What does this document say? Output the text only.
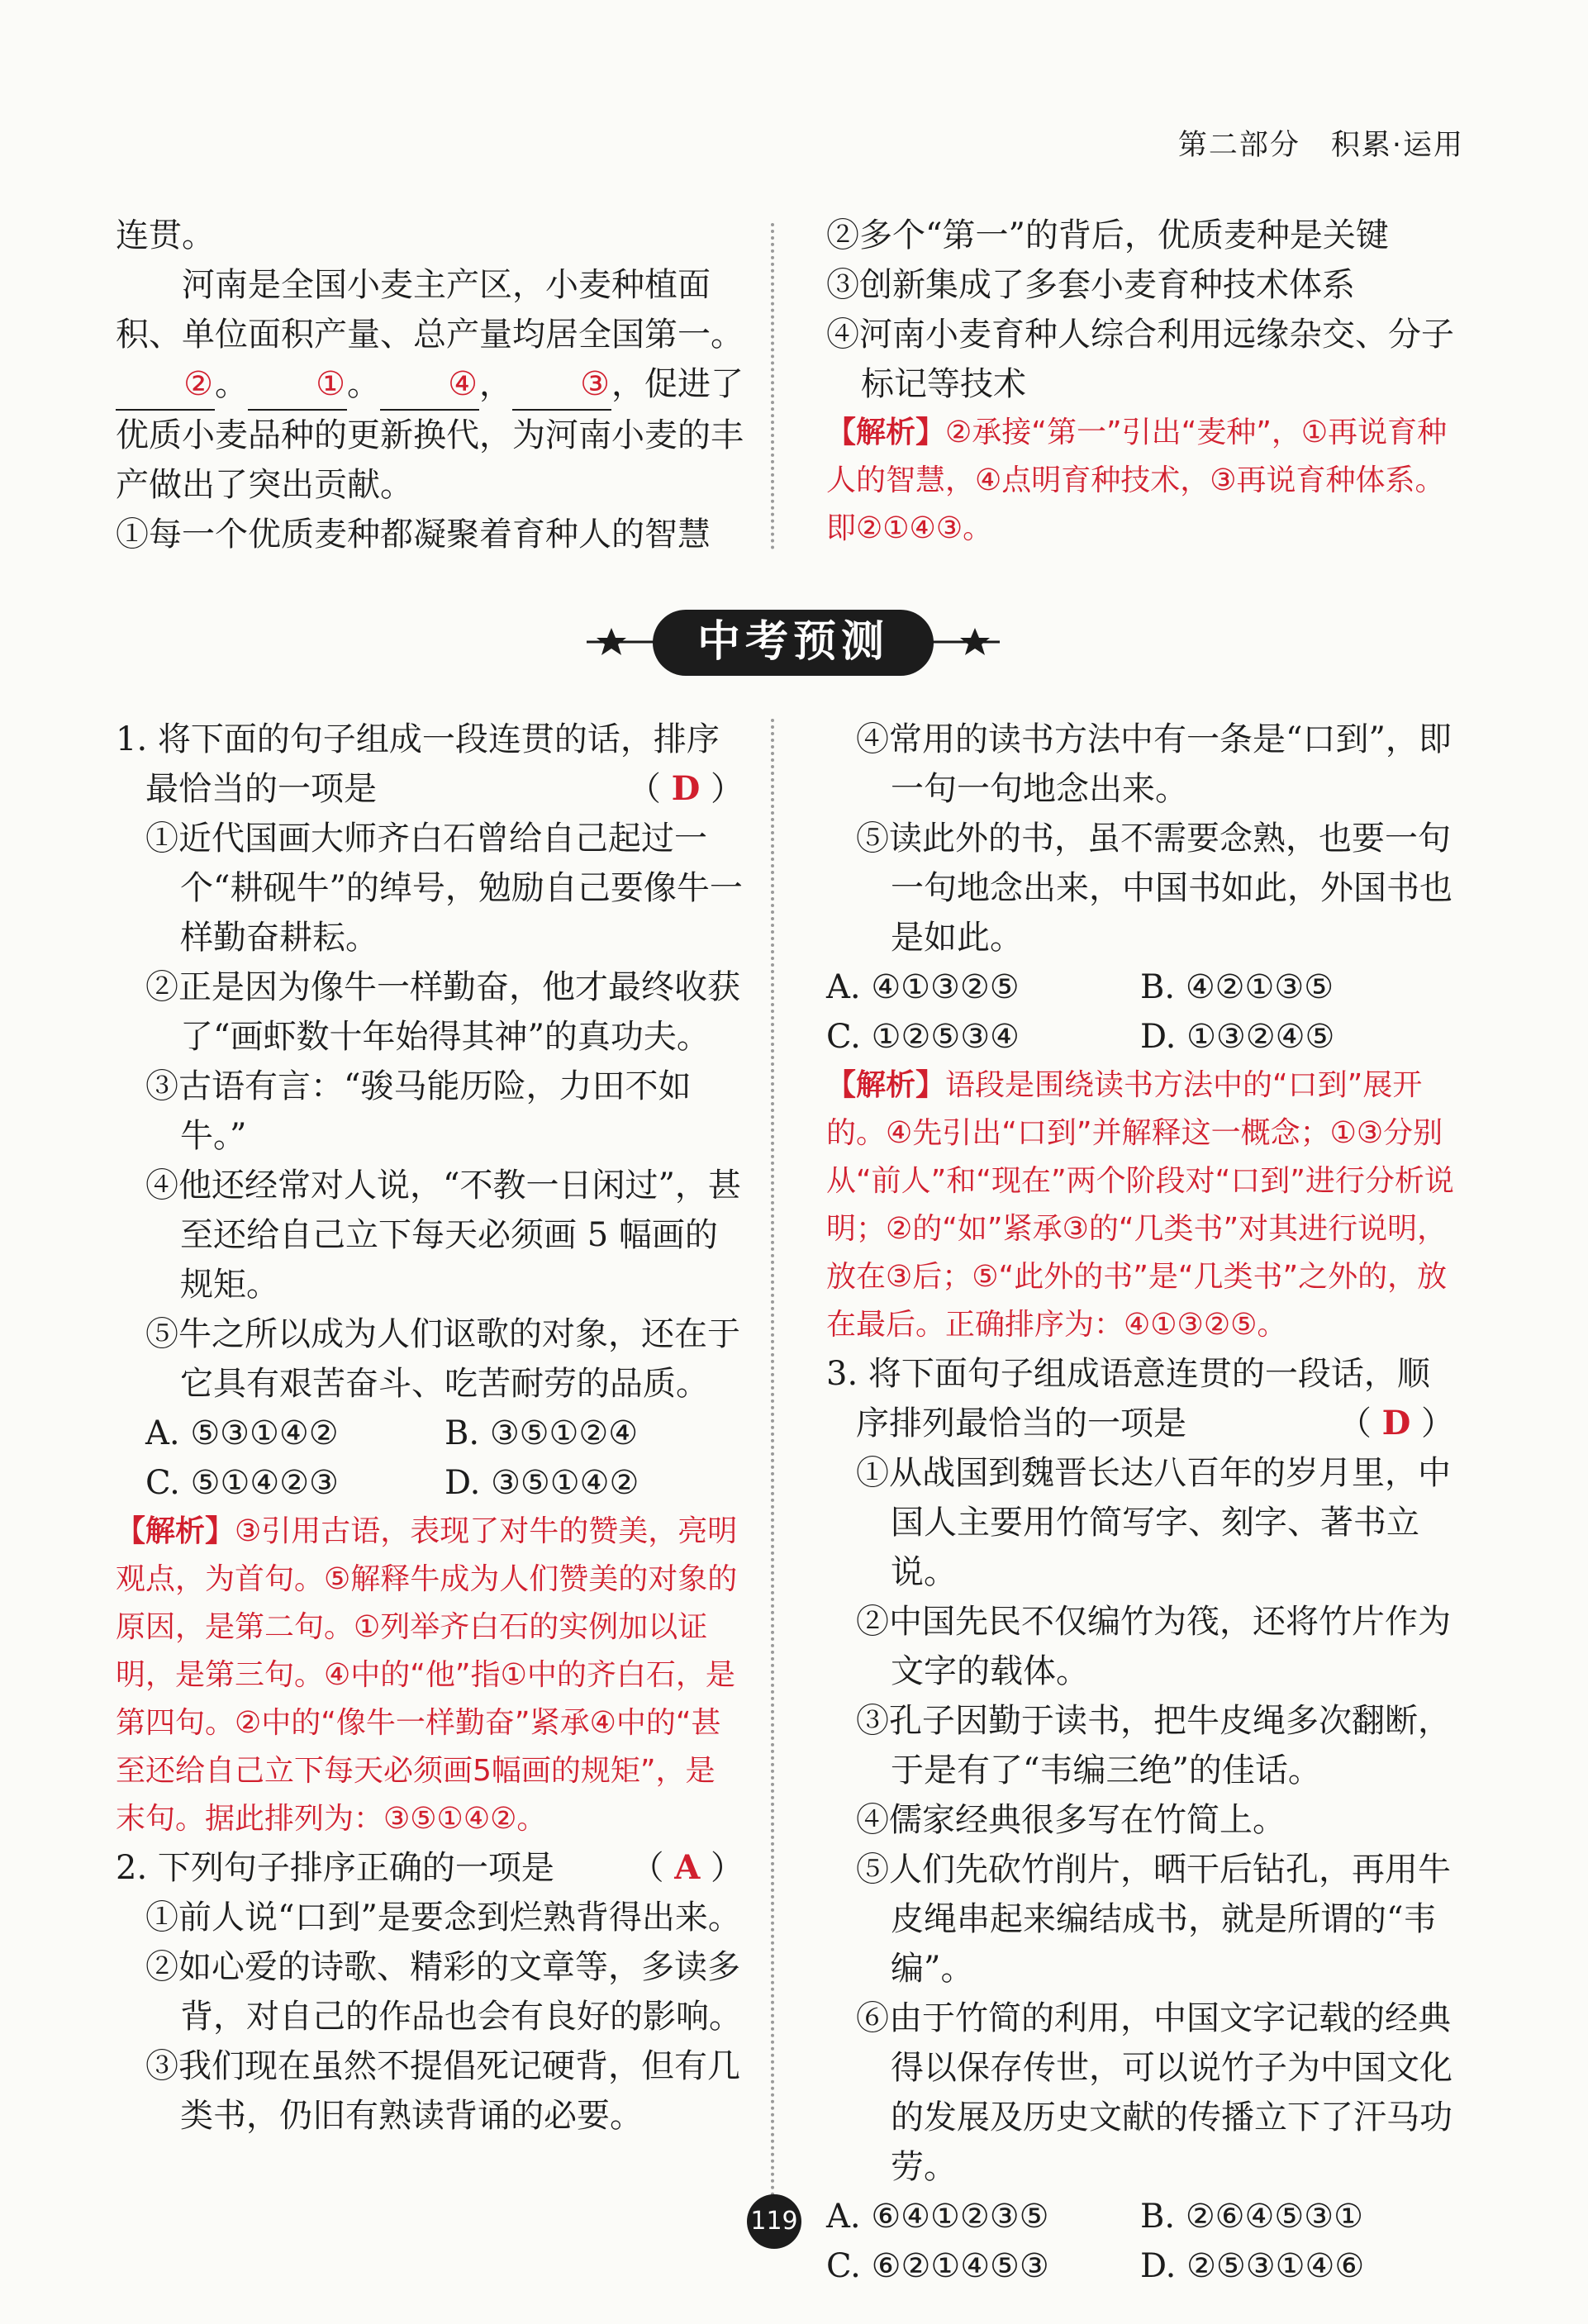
第二部分　积累·运用

连贯。

河南是全国小麦主产区，小麦种植面积、单位面积产量、总产量均居全国第一。 ②。 ①。 ④， ③，促进了优质小麦品种的更新换代，为河南小麦的丰产做出了突出贡献。

①每一个优质麦种都凝聚着育种人的智慧

②多个“第一”的背后，优质麦种是关键

③创新集成了多套小麦育种技术体系

④河南小麦育种人综合利用远缘杂交、分子标记等技术

【解析】②承接“第一”引出“麦种”，①再说育种人的智慧，④点明育种技术，③再说育种体系。即②①④③。

中考预测

1. 将下面的句子组成一段连贯的话，排序最恰当的一项是	（ D ）

①近代国画大师齐白石曾给自己起过一个“耕砚牛”的绰号，勉励自己要像牛一样勤奋耕耘。

②正是因为像牛一样勤奋，他才最终收获了“画虾数十年始得其神”的真功夫。

③古语有言：“骏马能历险，力田不如牛。”

④他还经常对人说，“不教一日闲过”，甚至还给自己立下每天必须画 5 幅画的规矩。

⑤牛之所以成为人们讴歌的对象，还在于它具有艰苦奋斗、吃苦耐劳的品质。

A. ⑤③①④②	B. ③⑤①②④
C. ⑤①④②③	D. ③⑤①④②

【解析】③引用古语，表现了对牛的赞美，亮明观点，为首句。⑤解释牛成为人们赞美的对象的原因，是第二句。①列举齐白石的实例加以证明，是第三句。④中的“他”指①中的齐白石，是第四句。②中的“像牛一样勤奋”紧承④中的“甚至还给自己立下每天必须画5幅画的规矩”，是末句。据此排列为：③⑤①④②。

2. 下列句子排序正确的一项是 （ A ）

①前人说“口到”是要念到烂熟背得出来。

②如心爱的诗歌、精彩的文章等，多读多背，对自己的作品也会有良好的影响。

③我们现在虽然不提倡死记硬背，但有几类书，仍旧有熟读背诵的必要。

④常用的读书方法中有一条是“口到”，即一句一句地念出来。

⑤读此外的书，虽不需要念熟，也要一句一句地念出来，中国书如此，外国书也是如此。

A. ④①③②⑤	B. ④②①③⑤
C. ①②⑤③④	D. ①③②④⑤

【解析】语段是围绕读书方法中的“口到”展开的。④先引出“口到”并解释这一概念；①③分别从“前人”和“现在”两个阶段对“口到”进行分析说明；②的“如”紧承③的“几类书”对其进行说明，放在③后；⑤“此外的书”是“几类书”之外的，放在最后。正确排序为：④①③②⑤。

3. 将下面句子组成语意连贯的一段话，顺序排列最恰当的一项是	（ D ）

①从战国到魏晋长达八百年的岁月里，中国人主要用竹简写字、刻字、著书立说。

②中国先民不仅编竹为筏，还将竹片作为文字的载体。

③孔子因勤于读书，把牛皮绳多次翻断，于是有了“韦编三绝”的佳话。

④儒家经典很多写在竹简上。

⑤人们先砍竹削片，晒干后钻孔，再用牛皮绳串起来编结成书，就是所谓的“韦编”。

⑥由于竹简的利用，中国文字记载的经典得以保存传世，可以说竹子为中国文化的发展及历史文献的传播立下了汗马功劳。

A. ⑥④①②③⑤	B. ②⑥④⑤③①
C. ⑥②①④⑤③	D. ②⑤③①④⑥
119
